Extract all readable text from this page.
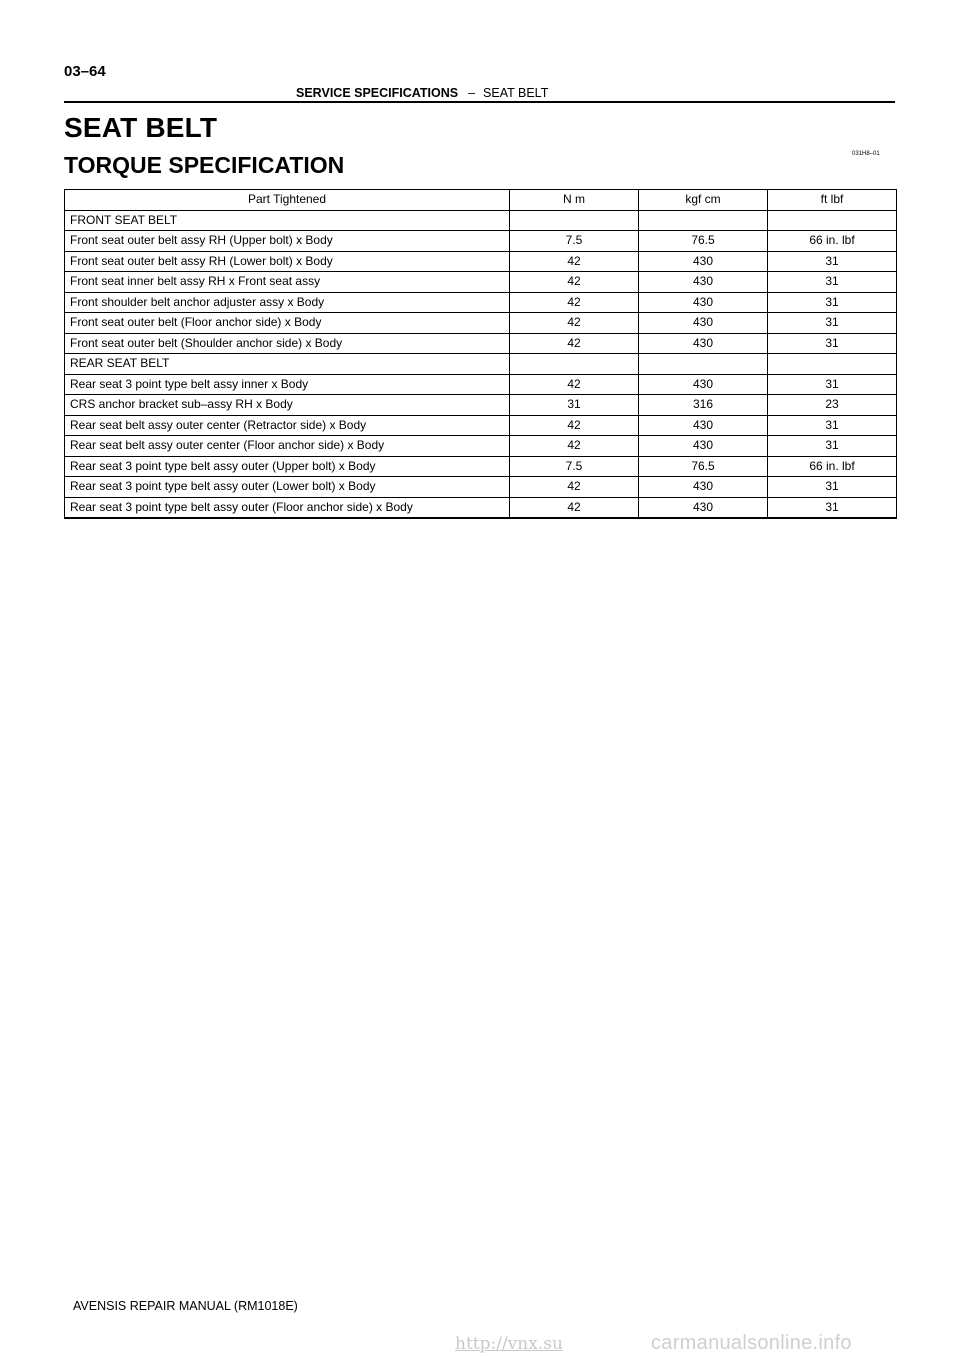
03–64
SERVICE SPECIFICATIONS – SEAT BELT
SEAT BELT
TORQUE SPECIFICATION	031H8–01
Part Tightened	N m	kgf cm	ft lbf
FRONT SEAT BELT			
Front seat outer belt assy RH (Upper bolt) x Body	7.5	76.5	66 in. lbf
Front seat outer belt assy RH (Lower bolt) x Body	42	430	31
Front seat inner belt assy RH x Front seat assy	42	430	31
Front shoulder belt anchor adjuster assy x Body	42	430	31
Front seat outer belt (Floor anchor side) x Body	42	430	31
Front seat outer belt (Shoulder anchor side) x Body	42	430	31
REAR SEAT BELT			
Rear seat 3 point type belt assy inner x Body	42	430	31
CRS anchor bracket sub–assy RH x Body	31	316	23
Rear seat belt assy outer center (Retractor side) x Body	42	430	31
Rear seat belt assy outer center (Floor anchor side) x Body	42	430	31
Rear seat 3 point type belt assy outer (Upper bolt) x Body	7.5	76.5	66 in. lbf
Rear seat 3 point type belt assy outer (Lower bolt) x Body	42	430	31
Rear seat 3 point type belt assy outer (Floor anchor side) x Body	42	430	31
AVENSIS REPAIR MANUAL (RM1018E)
http://vnx.su	carmanualsonline.info
